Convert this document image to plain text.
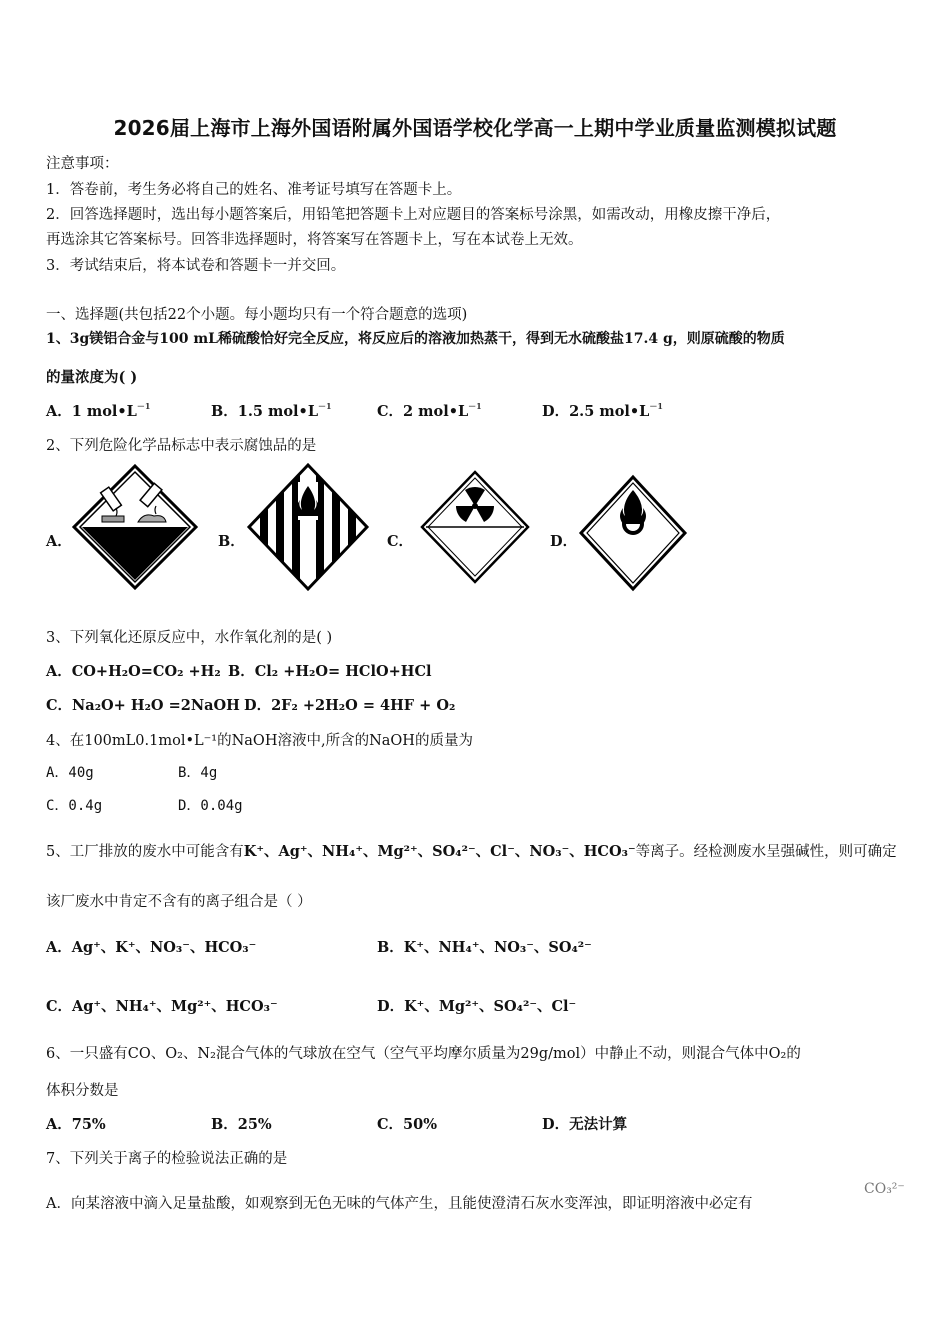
2026届上海市上海外国语附属外国语学校化学高一上期中学业质量监测模拟试题
注意事项：
1．答卷前，考生务必将自己的姓名、准考证号填写在答题卡上。
2．回答选择题时，选出每小题答案后，用铅笔把答题卡上对应题目的答案标号涂黑，如需改动，用橡皮擦干净后，
再选涂其它答案标号。回答非选择题时，将答案写在答题卡上，写在本试卷上无效。
3．考试结束后，将本试卷和答题卡一并交回。
一、选择题(共包括22个小题。每小题均只有一个符合题意的选项)
1、3g镁铝合金与100 mL稀硫酸恰好完全反应，将反应后的溶液加热蒸干，得到无水硫酸盐17.4 g，则原硫酸的物质
的量浓度为( )
A．1 $mol•L^{-1}$	B．1.5 $mol•L^{-1}$	C．2 $mol•L^{-1}$	D．2.5 $mol•L^{-1}$
2、下列危险化学品标志中表示腐蚀品的是
A．	B．	C．	D．
3、下列氧化还原反应中，水作氧化剂的是( )
A．CO+H₂O=CO₂ +H₂ B．Cl₂ +H₂O= HClO+HCl
C．Na₂O+ H₂O =2NaOH D．2F₂ +2H₂O = 4HF + O₂
4、在100mL0.1mol•L⁻¹的NaOH溶液中,所含的NaOH的质量为
A．40g	B．4g
C．0.4g	D．0.04g
5、工厂排放的废水中可能含有K⁺、Ag⁺、NH₄⁺、Mg²⁺、SO₄²⁻、Cl⁻、NO₃⁻、HCO₃⁻等离子。经检测废水呈强碱性，则可确定
该厂废水中肯定不含有的离子组合是（ ）
A．Ag⁺、K⁺、NO₃⁻、HCO₃⁻	B．K⁺、NH₄⁺、NO₃⁻、SO₄²⁻
C．Ag⁺、NH₄⁺、Mg²⁺、HCO₃⁻	D．K⁺、Mg²⁺、SO₄²⁻、Cl⁻
6、一只盛有CO、O₂、N₂混合气体的气球放在空气（空气平均摩尔质量为29g/mol）中静止不动，则混合气体中O₂的
体积分数是
A．75%	B．25%	C．50%	D．无法计算
7、下列关于离子的检验说法正确的是
A．向某溶液中滴入足量盐酸，如观察到无色无味的气体产生，且能使澄清石灰水变浑浊，即证明溶液中必定有
CO₃²⁻
